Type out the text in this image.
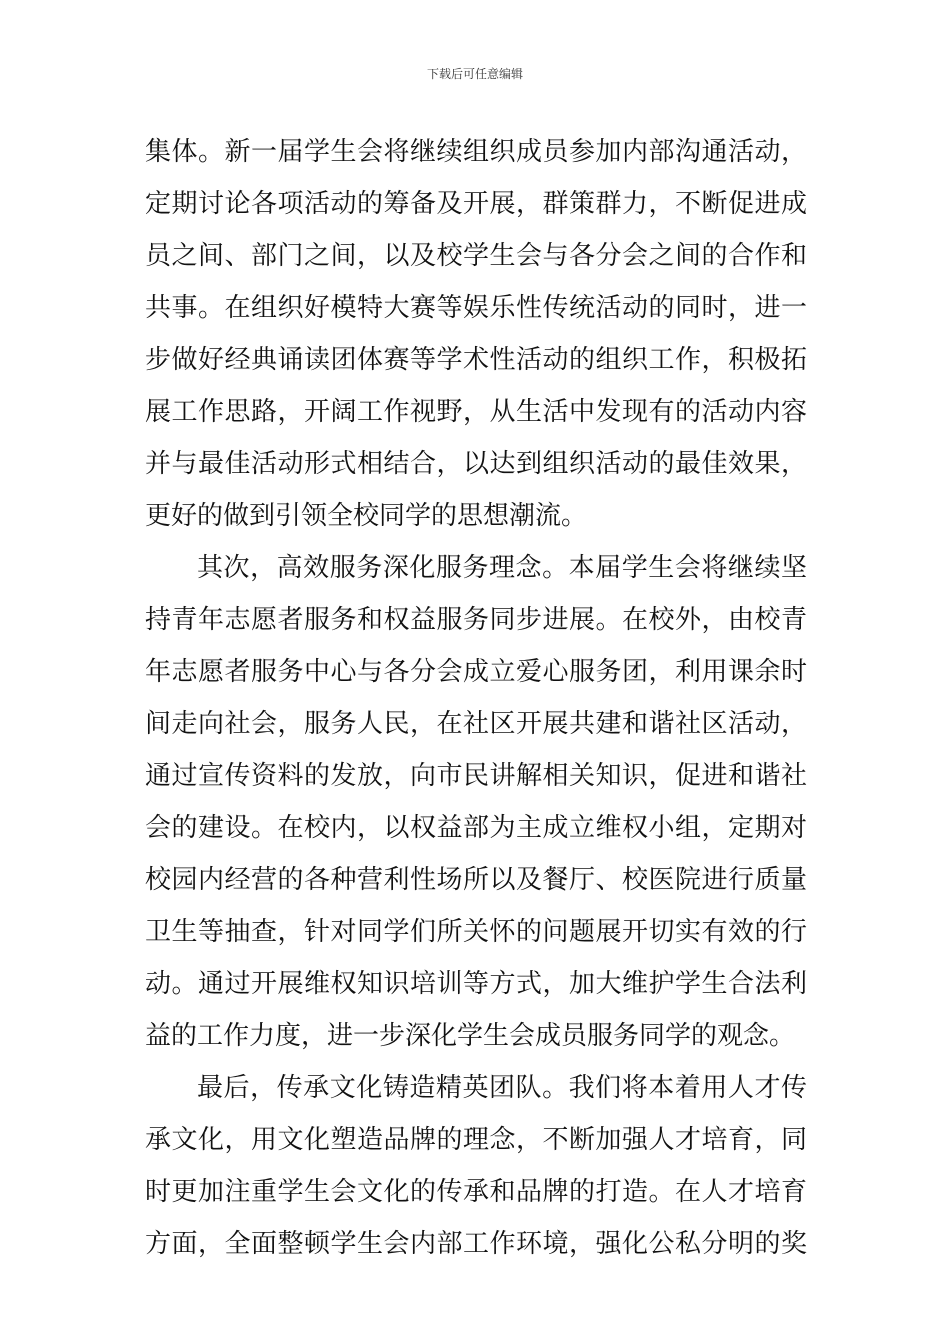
下载后可任意编辑
集体。新一届学生会将继续组织成员参加内部沟通活动，
定期讨论各项活动的筹备及开展，群策群力，不断促进成
员之间、部门之间，以及校学生会与各分会之间的合作和
共事。在组织好模特大赛等娱乐性传统活动的同时，进一
步做好经典诵读团体赛等学术性活动的组织工作，积极拓
展工作思路，开阔工作视野，从生活中发现有的活动内容
并与最佳活动形式相结合，以达到组织活动的最佳效果，
更好的做到引领全校同学的思想潮流。
其次，高效服务深化服务理念。本届学生会将继续坚
持青年志愿者服务和权益服务同步进展。在校外，由校青
年志愿者服务中心与各分会成立爱心服务团，利用课余时
间走向社会，服务人民，在社区开展共建和谐社区活动，
通过宣传资料的发放，向市民讲解相关知识，促进和谐社
会的建设。在校内，以权益部为主成立维权小组，定期对
校园内经营的各种营利性场所以及餐厅、校医院进行质量
卫生等抽查，针对同学们所关怀的问题展开切实有效的行
动。通过开展维权知识培训等方式，加大维护学生合法利
益的工作力度，进一步深化学生会成员服务同学的观念。
最后，传承文化铸造精英团队。我们将本着用人才传
承文化，用文化塑造品牌的理念，不断加强人才培育，同
时更加注重学生会文化的传承和品牌的打造。在人才培育
方面，全面整顿学生会内部工作环境，强化公私分明的奖
